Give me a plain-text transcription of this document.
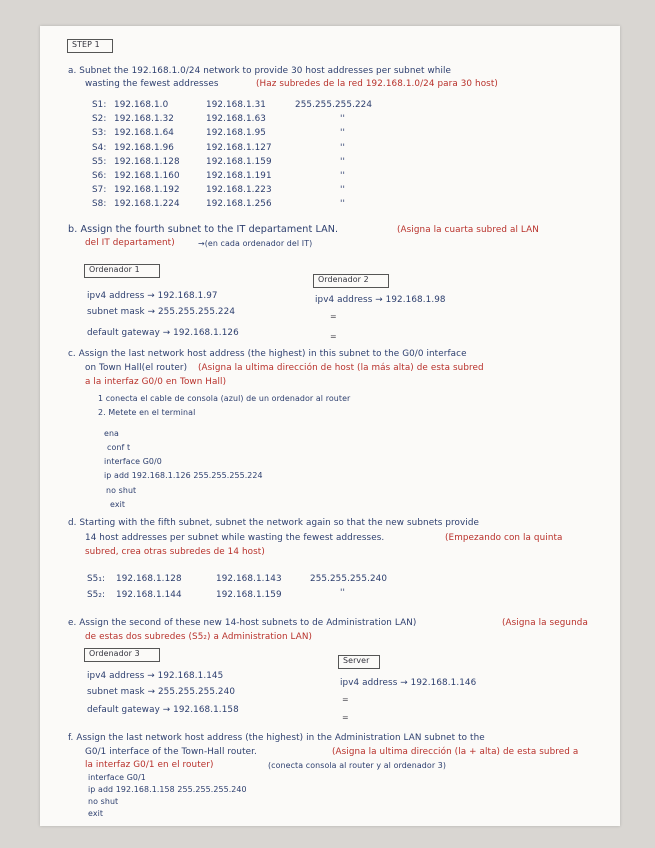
STEP 1
a. Subnet the 192.168.1.0/24 network to provide 30 host addresses per subnet while
wasting the fewest addresses	(Haz subredes de la red 192.168.1.0/24 para 30 host)
S1: 192.168.1.0	192.168.1.31	255.255.255.224
S2: 192.168.1.32	192.168.1.63	''
S3: 192.168.1.64	192.168.1.95	''
S4: 192.168.1.96	192.168.1.127	''
S5: 192.168.1.128	192.168.1.159	''
S6: 192.168.1.160	192.168.1.191	''
S7: 192.168.1.192	192.168.1.223	''
S8: 192.168.1.224	192.168.1.256	''
b. Assign the fourth subnet to the IT departament LAN.	(Asigna la cuarta subred al LAN
del IT departament)	→(en cada ordenador del IT)
Ordenador 1
ipv4 address → 192.168.1.97
subnet mask → 255.255.255.224
default gateway → 192.168.1.126
Ordenador 2
ipv4 address → 192.168.1.98
=
=
c. Assign the last network host address (the highest) in this subnet to the G0/0 interface
on Town Hall(el router) (Asigna la ultima dirección de host (la más alta) de esta subred
a la interfaz G0/0 en Town Hall)
1 conecta el cable de consola (azul) de un ordenador al router
2. Metete en el terminal
ena
conf t
interface G0/0
ip add 192.168.1.126 255.255.255.224
no shut
exit
d. Starting with the fifth subnet, subnet the network again so that the new subnets provide
14 host addresses per subnet while wasting the fewest addresses.	(Empezando con la quinta
subred, crea otras subredes de 14 host)
S5₁: 192.168.1.128	192.168.1.143	255.255.255.240
S5₂: 192.168.1.144	192.168.1.159	''
e. Assign the second of these new 14-host subnets to de Administration LAN)	(Asigna la segunda
de estas dos subredes (S5₂) a Administration LAN)
Ordenador 3
ipv4 address → 192.168.1.145
subnet mask → 255.255.255.240
default gateway → 192.168.1.158
Server
ipv4 address → 192.168.1.146
=
=
f. Assign the last network host address (the highest) in the Administration LAN subnet to the
G0/1 interface of the Town-Hall router.	(Asigna la ultima dirección (la + alta) de esta subred a
la interfaz G0/1 en el router)	(conecta consola al router y al ordenador 3)
interface G0/1
ip add 192.168.1.158 255.255.255.240
no shut
exit
